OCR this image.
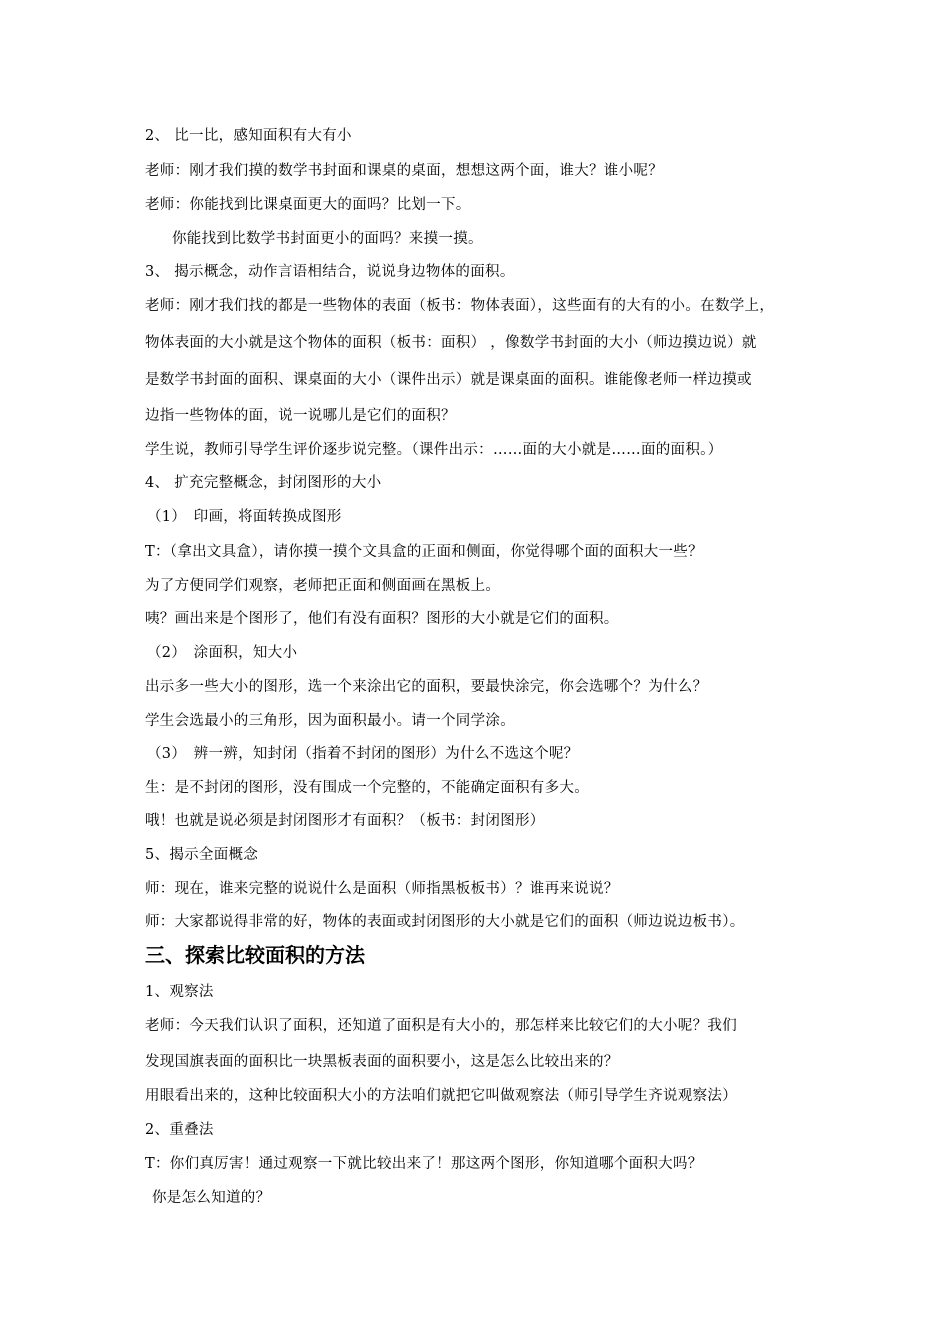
2、 比一比，感知面积有大有小
老师：刚才我们摸的数学书封面和课桌的桌面，想想这两个面，谁大？谁小呢？
老师：你能找到比课桌面更大的面吗？比划一下。
你能找到比数学书封面更小的面吗？来摸一摸。
3、 揭示概念，动作言语相结合，说说身边物体的面积。
老师：刚才我们找的都是一些物体的表面（板书：物体表面），这些面有的大有的小。在数学上，
物体表面的大小就是这个物体的面积（板书：面积） ，像数学书封面的大小（师边摸边说）就
是数学书封面的面积、课桌面的大小（课件出示）就是课桌面的面积。谁能像老师一样边摸或
边指一些物体的面，说一说哪儿是它们的面积？
学生说，教师引导学生评价逐步说完整。（课件出示：……面的大小就是……面的面积。）
4、 扩充完整概念，封闭图形的大小
（1）　印画，将面转换成图形
T：（拿出文具盒），请你摸一摸个文具盒的正面和侧面，你觉得哪个面的面积大一些？
为了方便同学们观察，老师把正面和侧面画在黑板上。
咦？画出来是个图形了，他们有没有面积？图形的大小就是它们的面积。
（2）　涂面积，知大小
出示多一些大小的图形，选一个来涂出它的面积，要最快涂完，你会选哪个？为什么？
学生会选最小的三角形，因为面积最小。请一个同学涂。
（3）　辨一辨，知封闭（指着不封闭的图形）为什么不选这个呢？
生：是不封闭的图形，没有围成一个完整的，不能确定面积有多大。
哦！也就是说必须是封闭图形才有面积？（板书：封闭图形）
5、揭示全面概念
师：现在，谁来完整的说说什么是面积（师指黑板板书）？谁再来说说？
师：大家都说得非常的好，物体的表面或封闭图形的大小就是它们的面积（师边说边板书）。
三、探索比较面积的方法
1、观察法
老师：今天我们认识了面积，还知道了面积是有大小的，那怎样来比较它们的大小呢？我们
发现国旗表面的面积比一块黑板表面的面积要小，这是怎么比较出来的？
用眼看出来的，这种比较面积大小的方法咱们就把它叫做观察法（师引导学生齐说观察法）
2、重叠法
T：你们真厉害！通过观察一下就比较出来了！那这两个图形，你知道哪个面积大吗？
你是怎么知道的？
